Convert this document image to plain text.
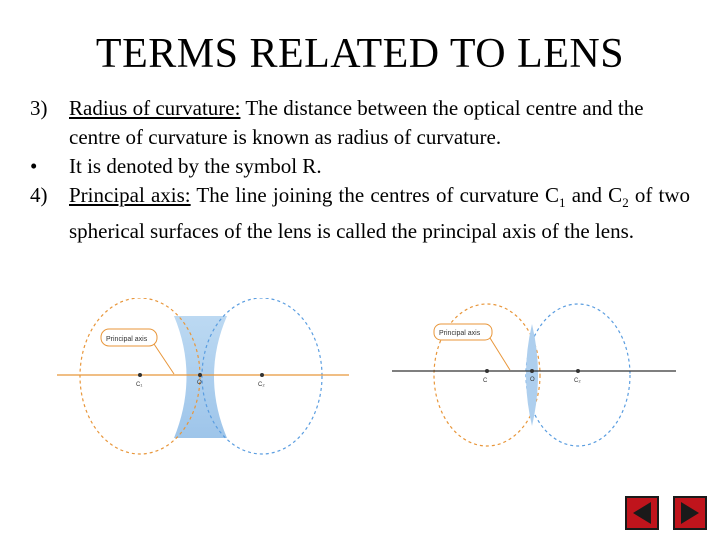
TERMS RELATED TO LENS
3)	Radius of curvature: The distance between the optical centre and the centre of curvature is known as radius of curvature.
•	It is denoted by the symbol R.
4)	Principal axis: The line joining the centres of curvature $C_1$ and $C_2$ of two spherical surfaces of the lens is called the principal axis of the lens.
C₁	O	C₂
Principal axis
C	O	C₂
Principal axis
